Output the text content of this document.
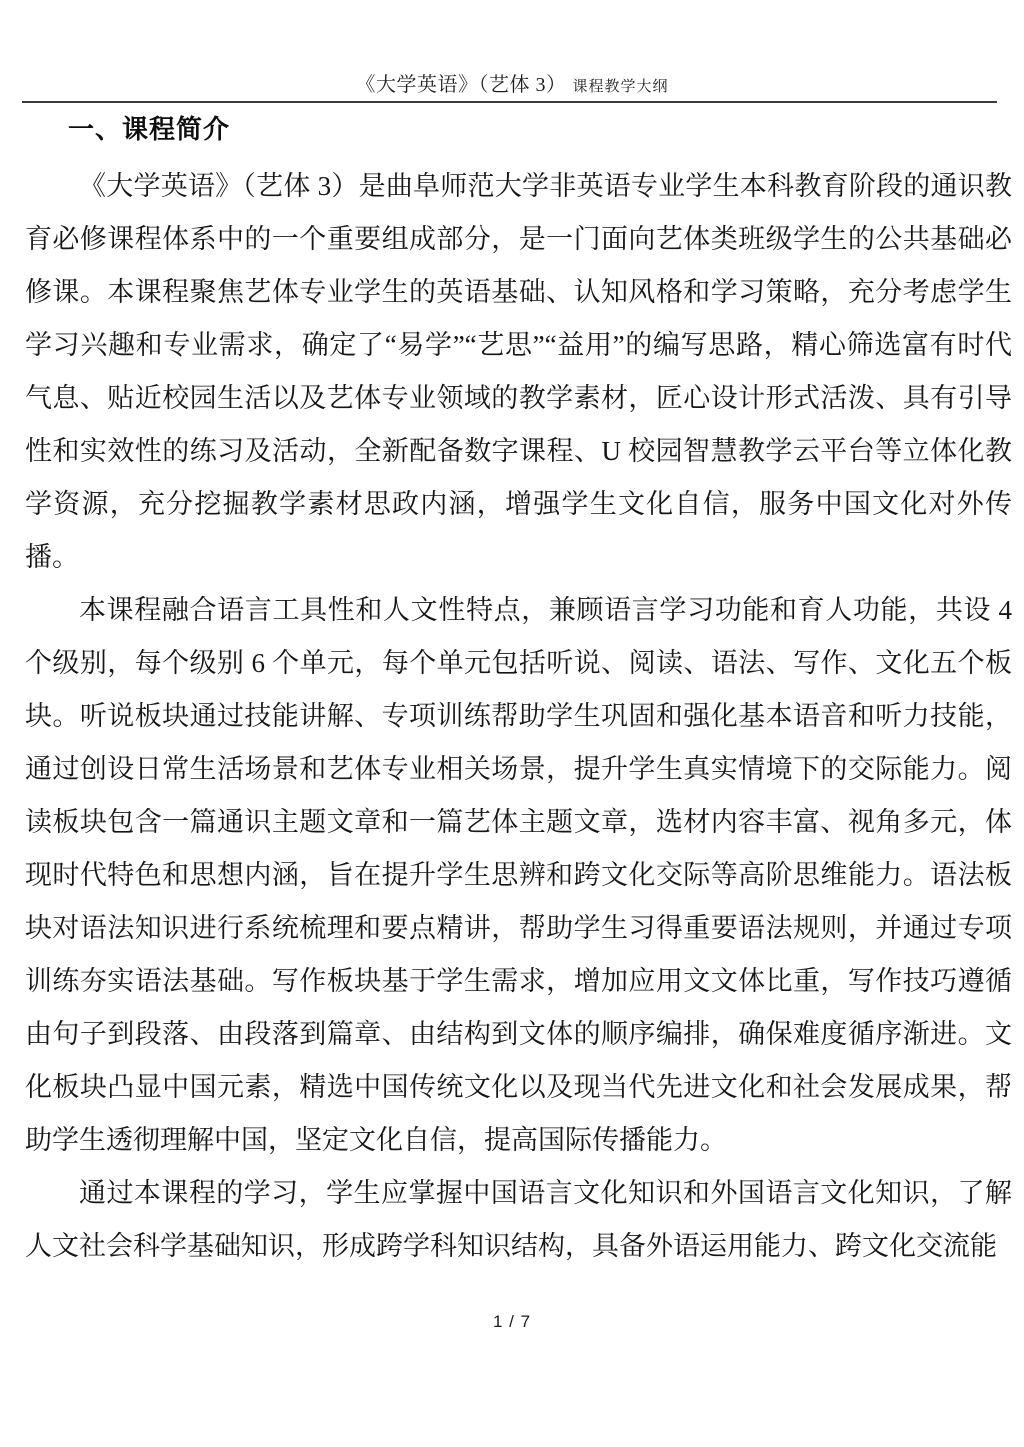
《大学英语》（艺体 3） 课程教学大纲
一、课程简介

《大学英语》（艺体 3）是曲阜师范大学非英语专业学生本科教育阶段的通识教育必修课程体系中的一个重要组成部分，是一门面向艺体类班级学生的公共基础必修课。本课程聚焦艺体专业学生的英语基础、认知风格和学习策略，充分考虑学生学习兴趣和专业需求，确定了“易学”“艺思”“益用”的编写思路，精心筛选富有时代气息、贴近校园生活以及艺体专业领域的教学素材，匠心设计形式活泼、具有引导性和实效性的练习及活动，全新配备数字课程、U 校园智慧教学云平台等立体化教学资源，充分挖掘教学素材思政内涵，增强学生文化自信，服务中国文化对外传播。

本课程融合语言工具性和人文性特点，兼顾语言学习功能和育人功能，共设 4 个级别，每个级别 6 个单元，每个单元包括听说、阅读、语法、写作、文化五个板块。听说板块通过技能讲解、专项训练帮助学生巩固和强化基本语音和听力技能，通过创设日常生活场景和艺体专业相关场景，提升学生真实情境下的交际能力。阅读板块包含一篇通识主题文章和一篇艺体主题文章，选材内容丰富、视角多元，体现时代特色和思想内涵，旨在提升学生思辨和跨文化交际等高阶思维能力。语法板块对语法知识进行系统梳理和要点精讲，帮助学生习得重要语法规则，并通过专项训练夯实语法基础。写作板块基于学生需求，增加应用文文体比重，写作技巧遵循由句子到段落、由段落到篇章、由结构到文体的顺序编排，确保难度循序渐进。文化板块凸显中国元素，精选中国传统文化以及现当代先进文化和社会发展成果，帮助学生透彻理解中国，坚定文化自信，提高国际传播能力。

通过本课程的学习，学生应掌握中国语言文化知识和外国语言文化知识，了解人文社会科学基础知识，形成跨学科知识结构，具备外语运用能力、跨文化交流能

1 / 7
